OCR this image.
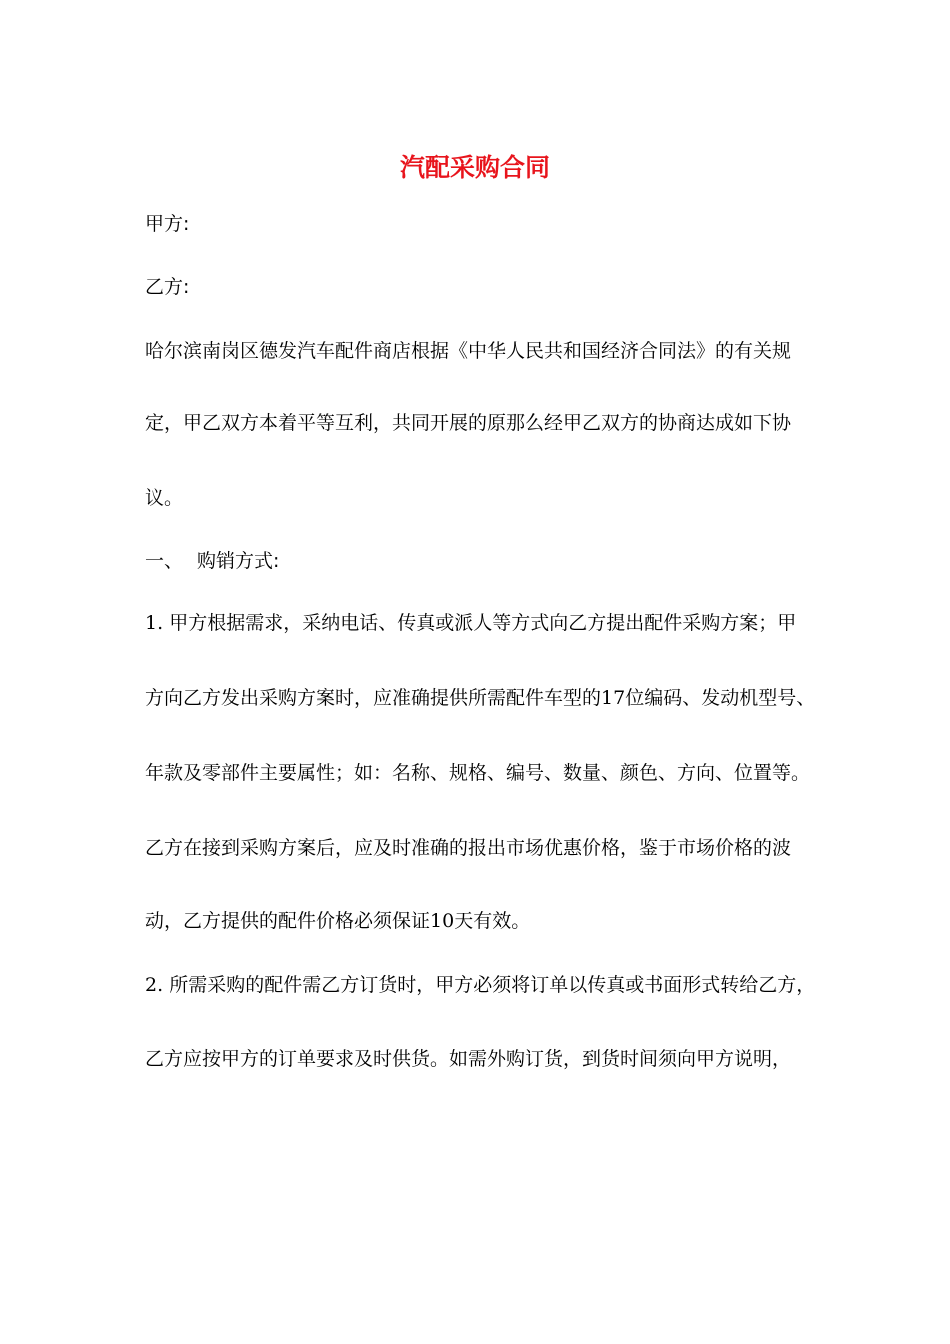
汽配采购合同
甲方:
乙方:
哈尔滨南岗区德发汽车配件商店根据《中华人民共和国经济合同法》的有关规
定，甲乙双方本着平等互利，共同开展的原那么经甲乙双方的协商达成如下协
议。
一、 购销方式:
1. 甲方根据需求，采纳电话、传真或派人等方式向乙方提出配件采购方案；甲
方向乙方发出采购方案时，应准确提供所需配件车型的17位编码、发动机型号、
年款及零部件主要属性；如：名称、规格、编号、数量、颜色、方向、位置等。
乙方在接到采购方案后，应及时准确的报出市场优惠价格，鉴于市场价格的波
动，乙方提供的配件价格必须保证10天有效。
2. 所需采购的配件需乙方订货时，甲方必须将订单以传真或书面形式转给乙方，
乙方应按甲方的订单要求及时供货。如需外购订货，到货时间须向甲方说明，
